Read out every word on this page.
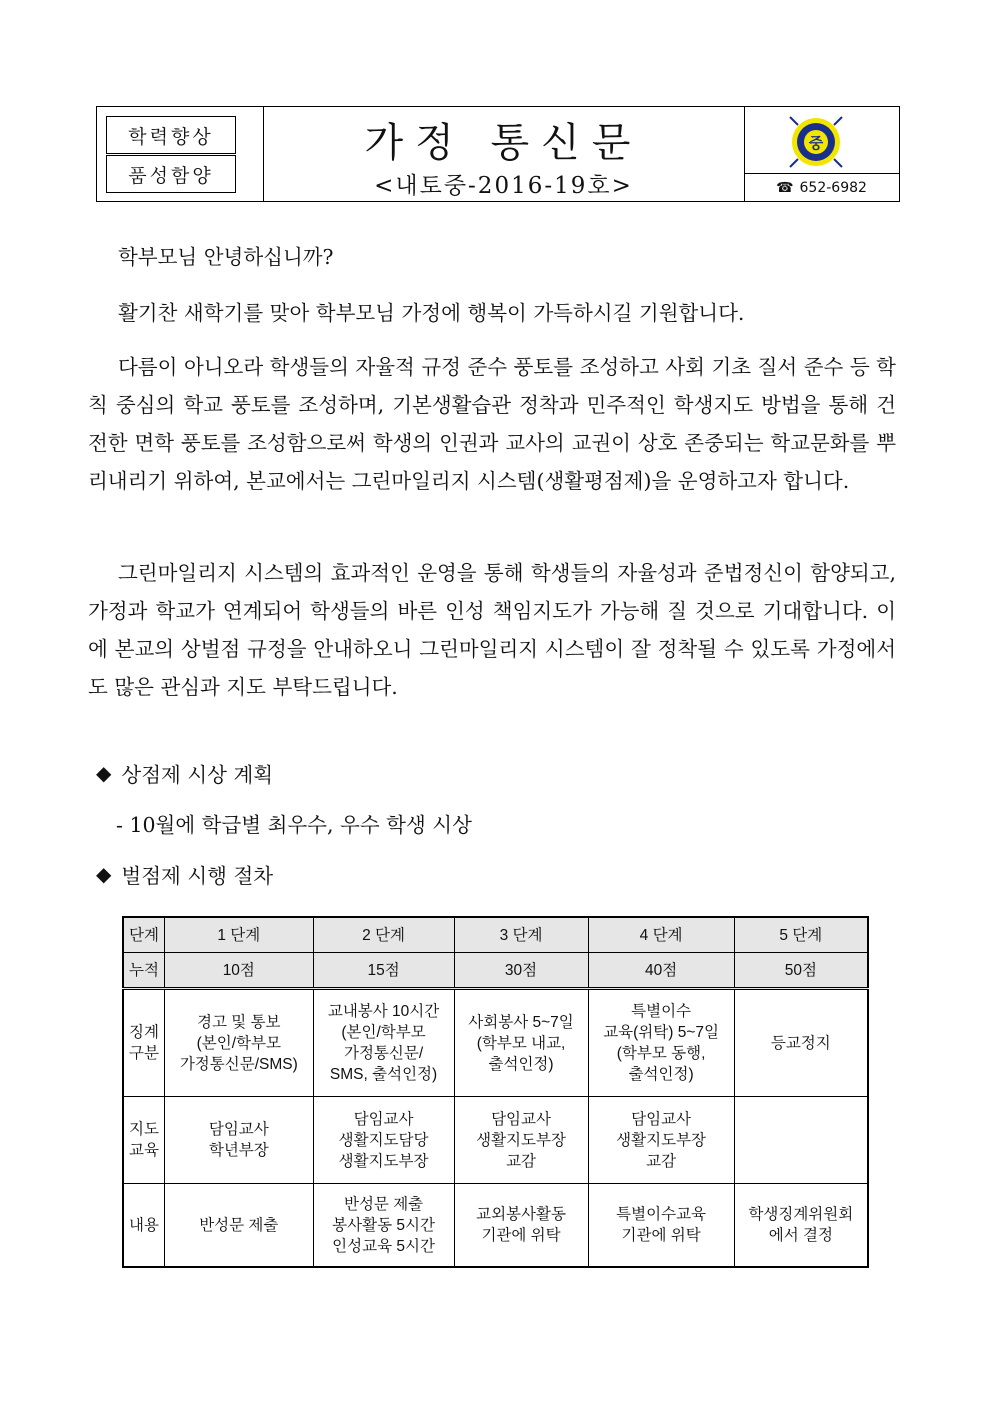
학력향상
품성함양
가정 통신문
<내토중-2016-19호>
중
☎ 652-6982

학부모님 안녕하십니까?

활기찬 새학기를 맞아 학부모님 가정에 행복이 가득하시길 기원합니다.

다름이 아니오라 학생들의 자율적 규정 준수 풍토를 조성하고 사회 기초 질서 준수 등 학칙 중심의 학교 풍토를 조성하며, 기본생활습관 정착과 민주적인 학생지도 방법을 통해 건전한 면학 풍토를 조성함으로써 학생의 인권과 교사의 교권이 상호 존중되는 학교문화를 뿌리내리기 위하여, 본교에서는 그린마일리지 시스템(생활평점제)을 운영하고자 합니다.

그린마일리지 시스템의 효과적인 운영을 통해 학생들의 자율성과 준법정신이 함양되고, 가정과 학교가 연계되어 학생들의 바른 인성 책임지도가 가능해 질 것으로 기대합니다. 이에 본교의 상벌점 규정을 안내하오니 그린마일리지 시스템이 잘 정착될 수 있도록 가정에서도 많은 관심과 지도 부탁드립니다.

◆ 상점제 시상 계획
- 10월에 학급별 최우수, 우수 학생 시상
◆ 벌점제 시행 절차
단계	1 단계	2 단계	3 단계	4 단계	5 단계
누적	10점	15점	30점	40점	50점

징계
구분	경고 및 통보
(본인/학부모
가정통신문/SMS)	교내봉사 10시간
(본인/학부모
가정통신문/
SMS, 출석인정)	사회봉사 5~7일
(학부모 내교,
출석인정)	특별이수
교육(위탁) 5~7일
(학부모 동행,
출석인정)	등교정지

지도
교육	담임교사
학년부장	담임교사
생활지도담당
생활지도부장	담임교사
생활지도부장
교감	담임교사
생활지도부장
교감	

내용	반성문 제출	반성문 제출
봉사활동 5시간
인성교육 5시간	교외봉사활동
기관에 위탁	특별이수교육
기관에 위탁	학생징계위원회
에서 결정
